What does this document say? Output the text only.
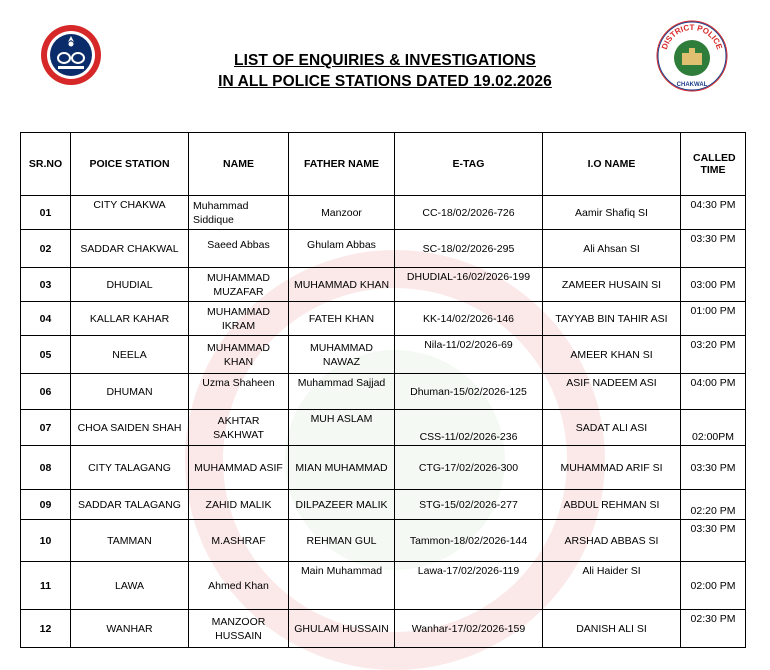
DISTRICT POLICE
CHAKWAL
LIST OF ENQUIRIES & INVESTIGATIONS
IN ALL POLICE STATIONS DATED 19.02.2026
SR.NO	POICE STATION	NAME	FATHER NAME	E-TAG	I.O NAME	CALLED TIME
01	CITY CHAKWA	Muhammad Siddique	Manzoor	CC-18/02/2026-726	Aamir Shafiq SI	04:30 PM
02	SADDAR CHAKWAL	Saeed Abbas	Ghulam Abbas	SC-18/02/2026-295	Ali Ahsan SI	03:30 PM
03	DHUDIAL	MUHAMMAD MUZAFAR	MUHAMMAD KHAN	DHUDIAL-16/02/2026-199	ZAMEER HUSAIN SI	03:00 PM
04	KALLAR KAHAR	MUHAMMAD IKRAM	FATEH KHAN	KK-14/02/2026-146	TAYYAB BIN TAHIR ASI	01:00 PM
05	NEELA	MUHAMMAD KHAN	MUHAMMAD NAWAZ	Nila-11/02/2026-69	AMEER KHAN SI	03:20 PM
06	DHUMAN	Uzma Shaheen	Muhammad Sajjad	Dhuman-15/02/2026-125	ASIF NADEEM ASI	04:00 PM
07	CHOA SAIDEN SHAH	AKHTAR SAKHWAT	MUH ASLAM	CSS-11/02/2026-236	SADAT ALI ASI	02:00PM
08	CITY TALAGANG	MUHAMMAD ASIF	MIAN MUHAMMAD	CTG-17/02/2026-300	MUHAMMAD ARIF SI	03:30 PM
09	SADDAR TALAGANG	ZAHID MALIK	DILPAZEER MALIK	STG-15/02/2026-277	ABDUL REHMAN SI	02:20 PM
10	TAMMAN	M.ASHRAF	REHMAN GUL	Tammon-18/02/2026-144	ARSHAD ABBAS SI	03:30 PM
11	LAWA	Ahmed Khan	Main Muhammad	Lawa-17/02/2026-119	Ali Haider SI	02:00 PM
12	WANHAR	MANZOOR HUSSAIN	GHULAM HUSSAIN	Wanhar-17/02/2026-159	DANISH ALI SI	02:30 PM
